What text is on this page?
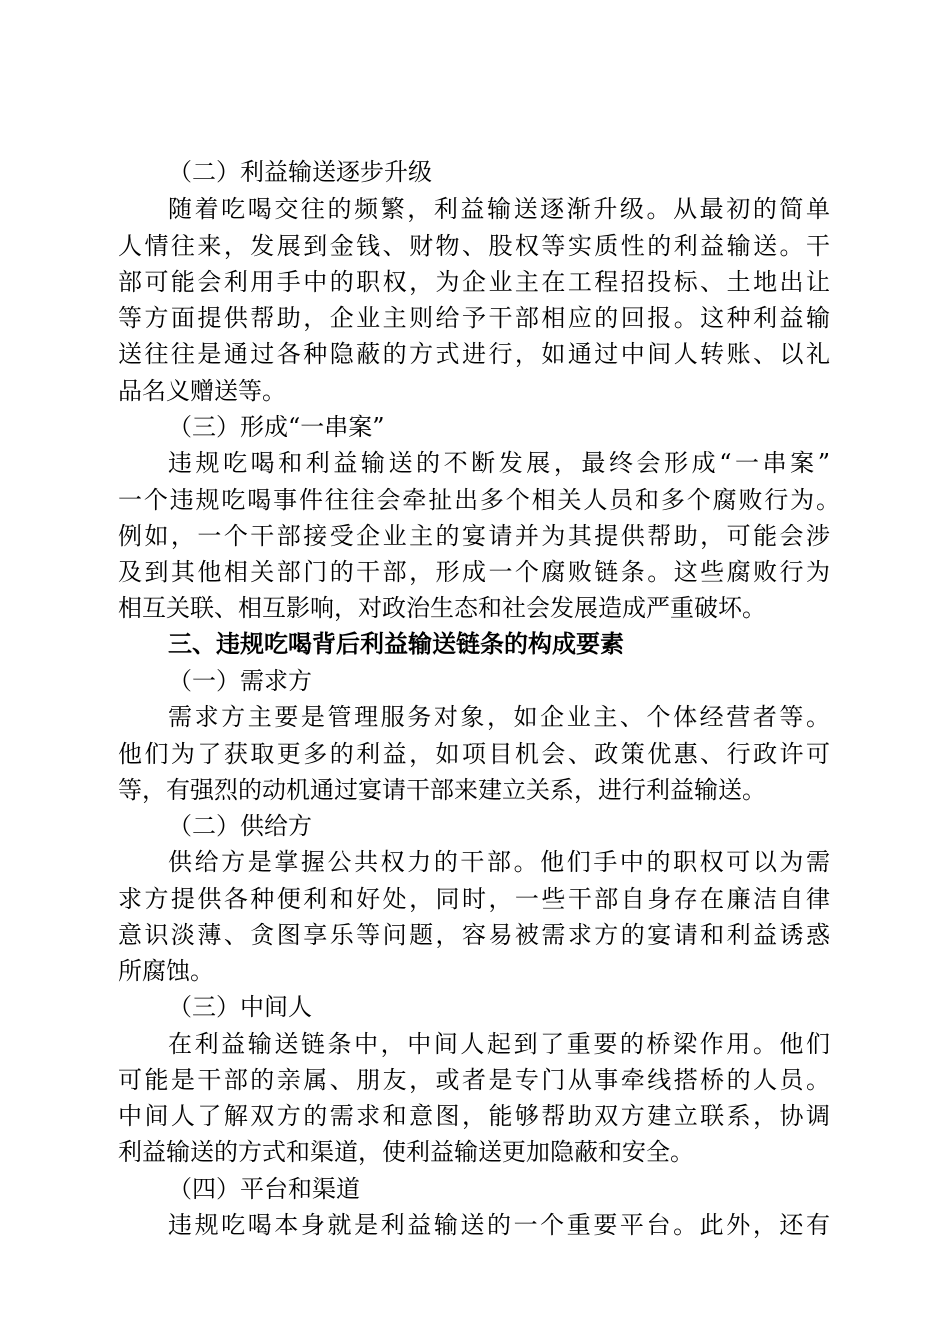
（二）利益输送逐步升级
随着吃喝交往的频繁，利益输送逐渐升级。从最初的简单
人情往来，发展到金钱、财物、股权等实质性的利益输送。干
部可能会利用手中的职权，为企业主在工程招投标、土地出让
等方面提供帮助，企业主则给予干部相应的回报。这种利益输
送往往是通过各种隐蔽的方式进行，如通过中间人转账、以礼
品名义赠送等。
（三）形成“一串案”
违规吃喝和利益输送的不断发展，最终会形成“一串案”
一个违规吃喝事件往往会牵扯出多个相关人员和多个腐败行为。
例如，一个干部接受企业主的宴请并为其提供帮助，可能会涉
及到其他相关部门的干部，形成一个腐败链条。这些腐败行为
相互关联、相互影响，对政治生态和社会发展造成严重破坏。
三、违规吃喝背后利益输送链条的构成要素
（一）需求方
需求方主要是管理服务对象，如企业主、个体经营者等。
他们为了获取更多的利益，如项目机会、政策优惠、行政许可
等，有强烈的动机通过宴请干部来建立关系，进行利益输送。
（二）供给方
供给方是掌握公共权力的干部。他们手中的职权可以为需
求方提供各种便利和好处，同时，一些干部自身存在廉洁自律
意识淡薄、贪图享乐等问题，容易被需求方的宴请和利益诱惑
所腐蚀。
（三）中间人
在利益输送链条中，中间人起到了重要的桥梁作用。他们
可能是干部的亲属、朋友，或者是专门从事牵线搭桥的人员。
中间人了解双方的需求和意图，能够帮助双方建立联系，协调
利益输送的方式和渠道，使利益输送更加隐蔽和安全。
（四）平台和渠道
违规吃喝本身就是利益输送的一个重要平台。此外，还有
